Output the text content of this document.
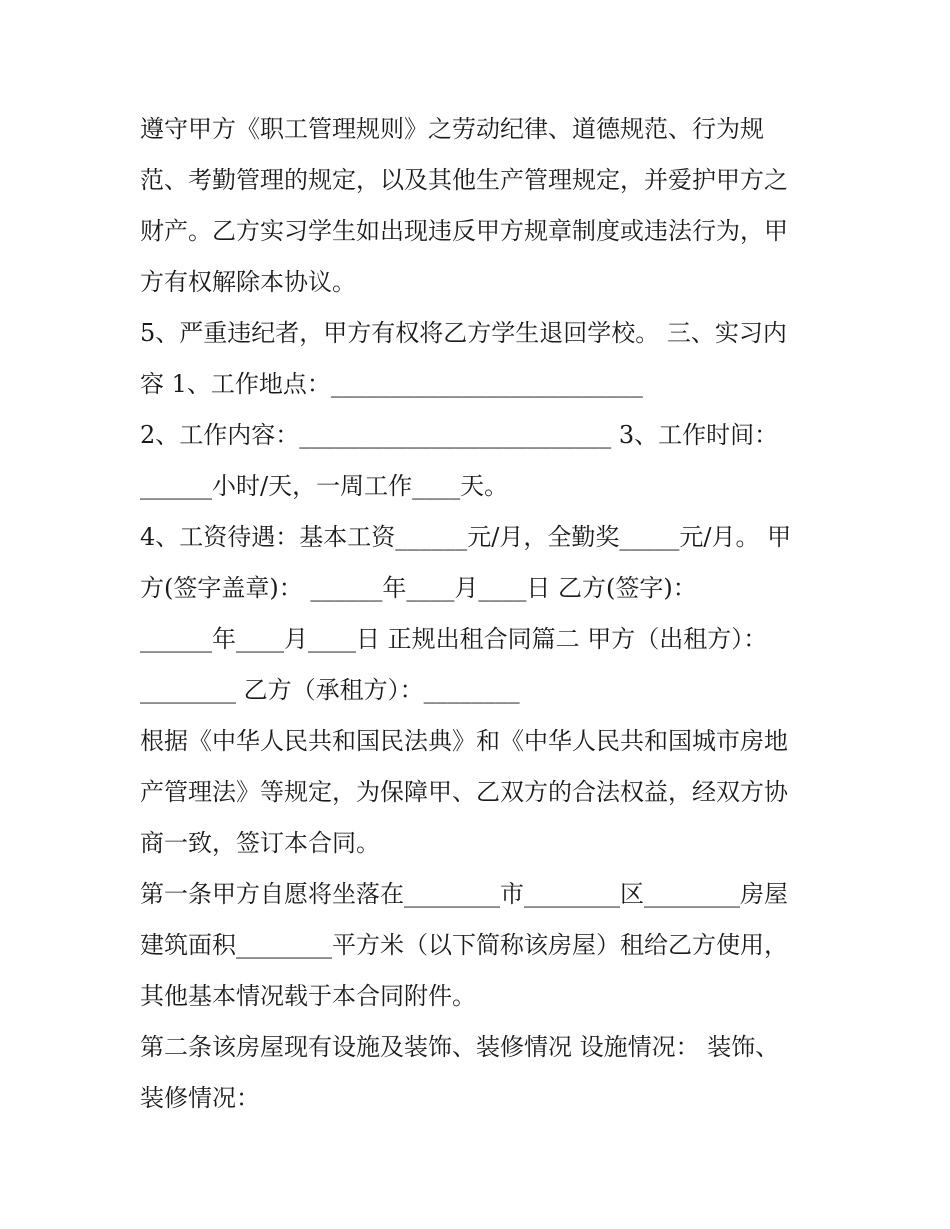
遵守甲方《职工管理规则》之劳动纪律、道德规范、行为规
范、考勤管理的规定，以及其他生产管理规定，并爱护甲方之
财产。乙方实习学生如出现违反甲方规章制度或违法行为，甲
方有权解除本协议。
5、严重违纪者，甲方有权将乙方学生退回学校。 三、实习内
容 1、工作地点：__________________________
2、工作内容：__________________________ 3、工作时间：
______小时/天，一周工作____天。
4、工资待遇：基本工资______元/月，全勤奖_____元/月。 甲
方(签字盖章)： ______年____月____日 乙方(签字)：
______年____月____日 正规出租合同篇二 甲方（出租方）：
________ 乙方（承租方）：________
根据《中华人民共和国民法典》和《中华人民共和国城市房地
产管理法》等规定，为保障甲、乙双方的合法权益，经双方协
商一致，签订本合同。
第一条甲方自愿将坐落在________市________区________房屋
建筑面积________平方米（以下简称该房屋）租给乙方使用，
其他基本情况载于本合同附件。
第二条该房屋现有设施及装饰、装修情况 设施情况： 装饰、
装修情况：
